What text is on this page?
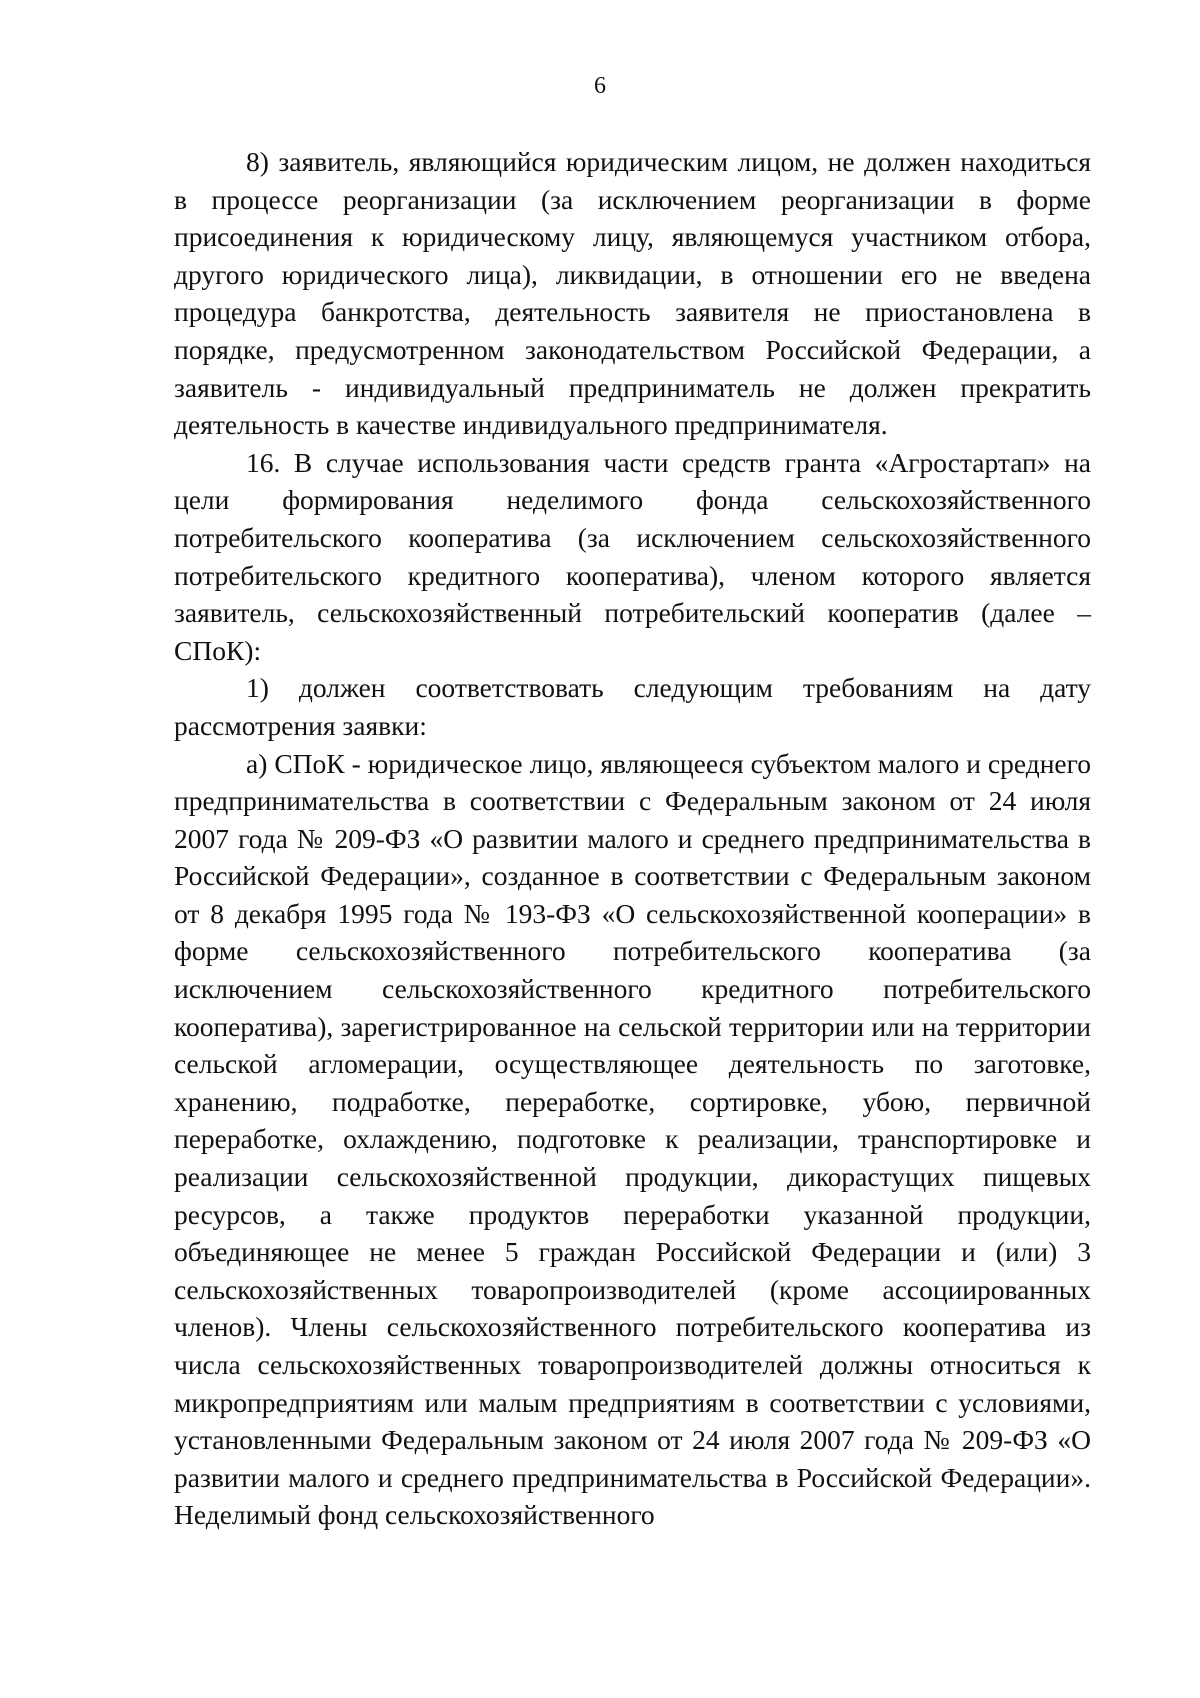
6

8) заявитель, являющийся юридическим лицом, не должен находиться в процессе реорганизации (за исключением реорганизации в форме присоединения к юридическому лицу, являющемуся участником отбора, другого юридического лица), ликвидации, в отношении его не введена процедура банкротства, деятельность заявителя не приостановлена в порядке, предусмотренном законодательством Российской Федерации, а заявитель - индивидуальный предприниматель не должен прекратить деятельность в качестве индивидуального предпринимателя.

16. В случае использования части средств гранта «Агростартап» на цели формирования неделимого фонда сельскохозяйственного потребительского кооператива (за исключением сельскохозяйственного потребительского кредитного кооператива), членом которого является заявитель, сельскохозяйственный потребительский кооператив (далее – СПоК):

1) должен соответствовать следующим требованиям на дату рассмотрения заявки:

а) СПоК - юридическое лицо, являющееся субъектом малого и среднего предпринимательства в соответствии с Федеральным законом от 24 июля 2007 года № 209-ФЗ «О развитии малого и среднего предпринимательства в Российской Федерации», созданное в соответствии с Федеральным законом от 8 декабря 1995 года № 193-ФЗ «О сельскохозяйственной кооперации» в форме сельскохозяйственного потребительского кооператива (за исключением сельскохозяйственного кредитного потребительского кооператива), зарегистрированное на сельской территории или на территории сельской агломерации, осуществляющее деятельность по заготовке, хранению, подработке, переработке, сортировке, убою, первичной переработке, охлаждению, подготовке к реализации, транспортировке и реализации сельскохозяйственной продукции, дикорастущих пищевых ресурсов, а также продуктов переработки указанной продукции, объединяющее не менее 5 граждан Российской Федерации и (или) 3 сельскохозяйственных товаропроизводителей (кроме ассоциированных членов). Члены сельскохозяйственного потребительского кооператива из числа сельскохозяйственных товаропроизводителей должны относиться к микропредприятиям или малым предприятиям в соответствии с условиями, установленными Федеральным законом от 24 июля 2007 года № 209-ФЗ «О развитии малого и среднего предпринимательства в Российской Федерации». Неделимый фонд сельскохозяйственного
